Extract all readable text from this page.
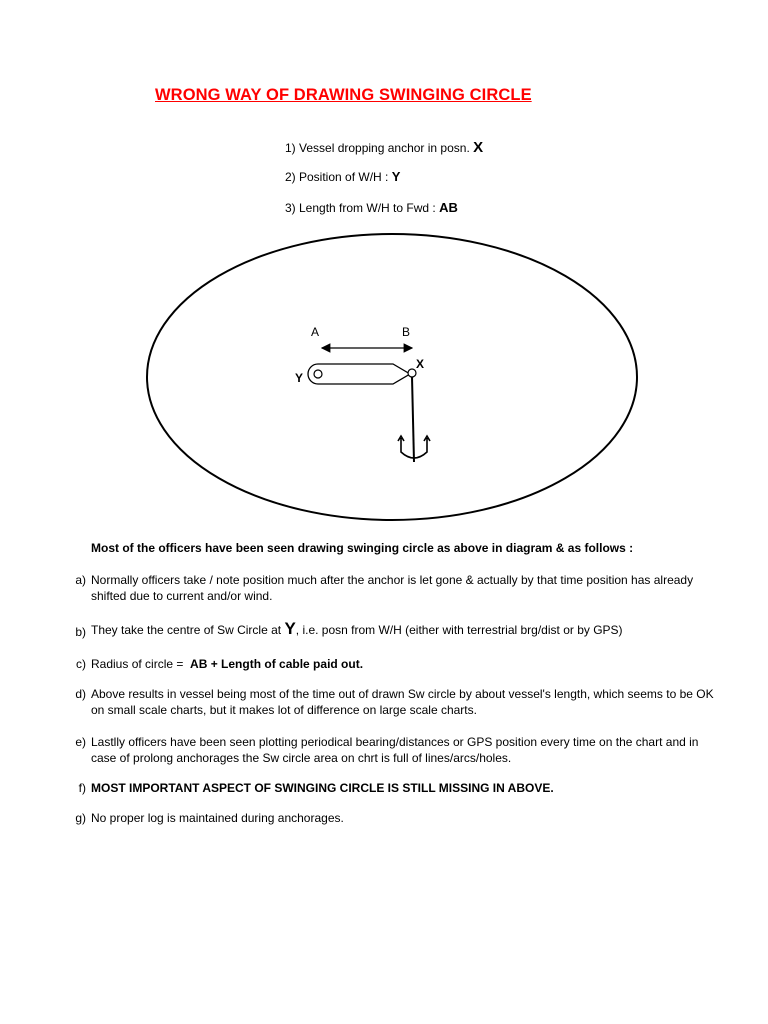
WRONG WAY OF DRAWING SWINGING CIRCLE
1) Vessel dropping anchor in posn. X
2) Position of W/H : Y
3) Length from W/H to Fwd : AB
A	B
X
Y
Most of the officers have been seen drawing swinging circle as above in diagram & as follows :
a) Normally officers take / note position much after the anchor is let gone & actually by that time position has already shifted due to current and/or wind.
b) They take the centre of Sw Circle at Y, i.e. posn from W/H (either with terrestrial brg/dist or by GPS)
c) Radius of circle = AB + Length of cable paid out.
d) Above results in vessel being most of the time out of drawn Sw circle by about vessel's length, which seems to be OK on small scale charts, but it makes lot of difference on large scale charts.
e) Lastlly officers have been seen plotting periodical bearing/distances or GPS position every time on the chart and in case of prolong anchorages the Sw circle area on chrt is full of lines/arcs/holes.
f) MOST IMPORTANT ASPECT OF SWINGING CIRCLE IS STILL MISSING IN ABOVE.
g) No proper log is maintained during anchorages.
